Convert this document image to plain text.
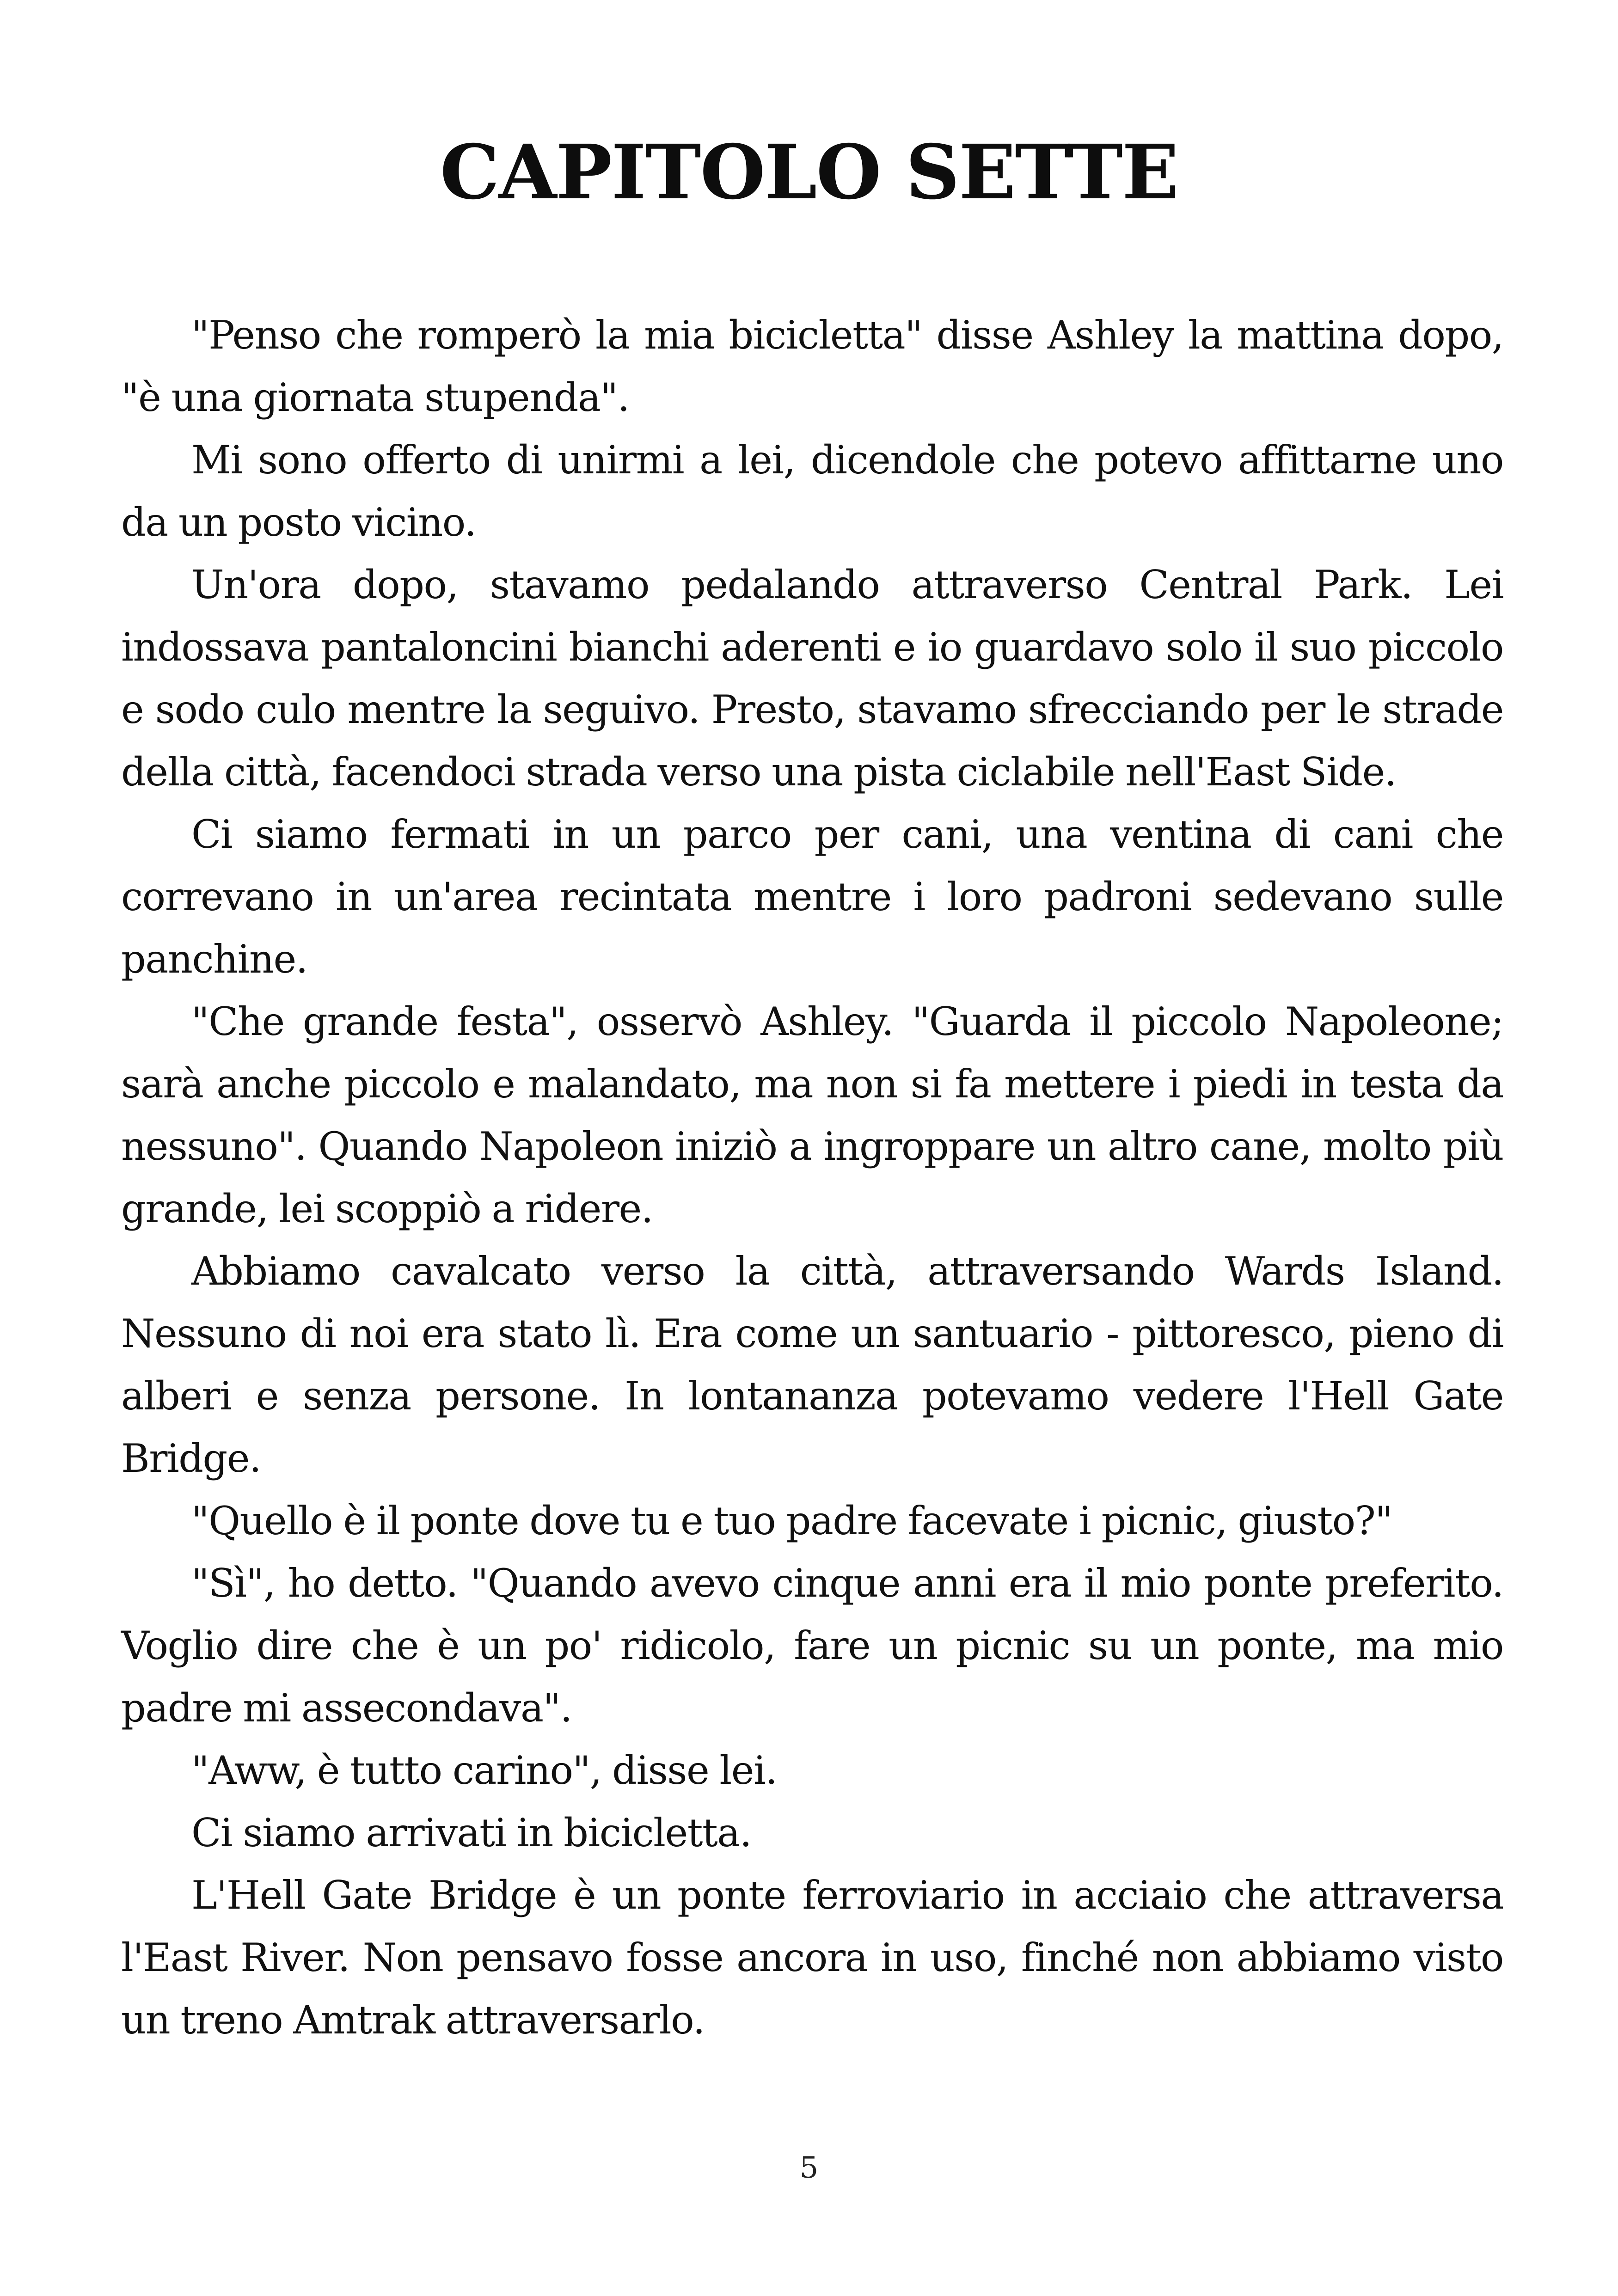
CAPITOLO SETTE

"Penso che romperò la mia bicicletta" disse Ashley la mattina dopo, "è una giornata stupenda".

Mi sono offerto di unirmi a lei, dicendole che potevo affittarne uno da un posto vicino.

Un'ora dopo, stavamo pedalando attraverso Central Park. Lei indossava pantaloncini bianchi aderenti e io guardavo solo il suo piccolo e sodo culo mentre la seguivo. Presto, stavamo sfrecciando per le strade della città, facendoci strada verso una pista ciclabile nell'East Side.

Ci siamo fermati in un parco per cani, una ventina di cani che correvano in un'area recintata mentre i loro padroni sedevano sulle panchine.

"Che grande festa", osservò Ashley. "Guarda il piccolo Napoleone; sarà anche piccolo e malandato, ma non si fa mettere i piedi in testa da nessuno". Quando Napoleon iniziò a ingroppare un altro cane, molto più grande, lei scoppiò a ridere.

Abbiamo cavalcato verso la città, attraversando Wards Island. Nessuno di noi era stato lì. Era come un santuario - pittoresco, pieno di alberi e senza persone. In lontananza potevamo vedere l'Hell Gate Bridge.

"Quello è il ponte dove tu e tuo padre facevate i picnic, giusto?"

"Sì", ho detto. "Quando avevo cinque anni era il mio ponte preferito. Voglio dire che è un po' ridicolo, fare un picnic su un ponte, ma mio padre mi assecondava".

"Aww, è tutto carino", disse lei.

Ci siamo arrivati in bicicletta.

L'Hell Gate Bridge è un ponte ferroviario in acciaio che attraversa l'East River. Non pensavo fosse ancora in uso, finché non abbiamo visto un treno Amtrak attraversarlo.

5
